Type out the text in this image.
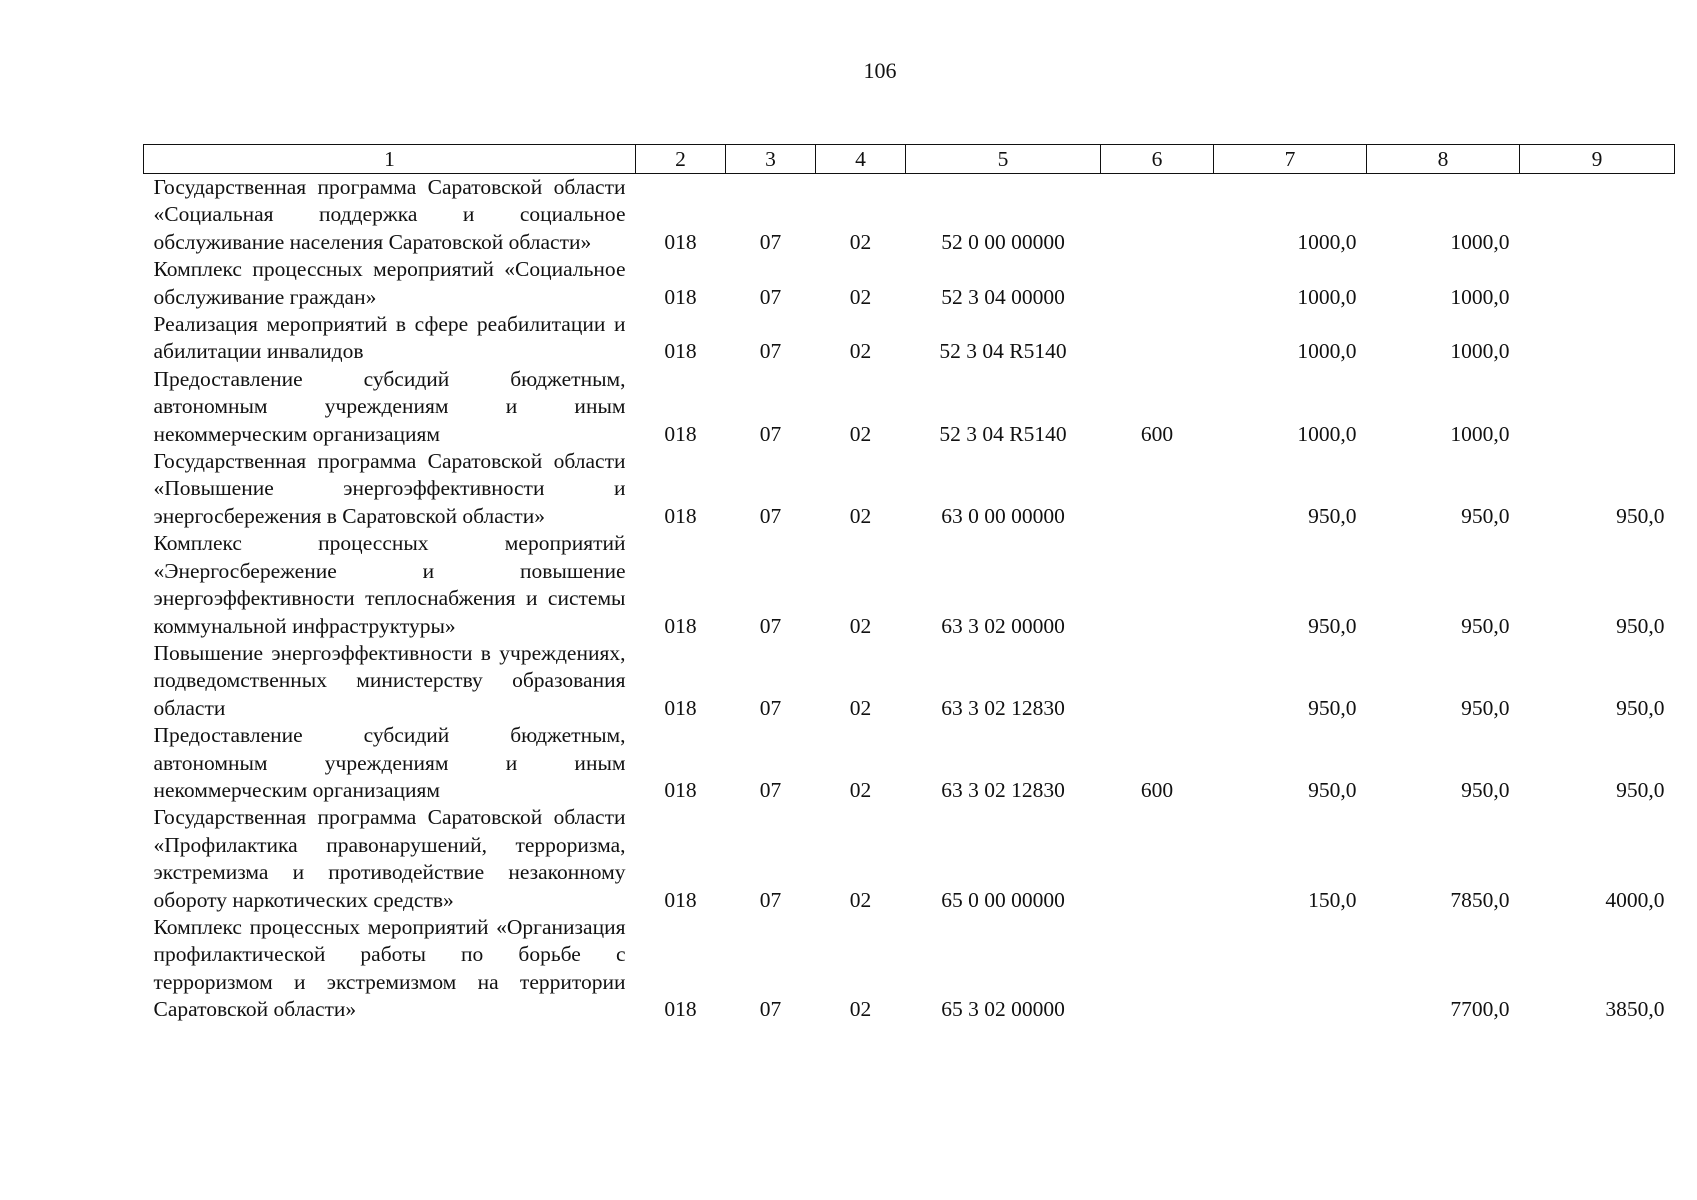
106
1	2	3	4	5	6	7	8	9
Государственная программа Саратовской области «Социальная поддержка и социальное обслуживание населения Саратовской области»	018	07	02	52 0 00 00000		1000,0	1000,0	
Комплекс процессных мероприятий «Социальное обслуживание граждан»	018	07	02	52 3 04 00000		1000,0	1000,0	
Реализация мероприятий в сфере реабилитации и абилитации инвалидов	018	07	02	52 3 04 R5140		1000,0	1000,0	
Предоставление субсидий бюджетным, автономным учреждениям и иным некоммерческим организациям	018	07	02	52 3 04 R5140	600	1000,0	1000,0	
Государственная программа Саратовской области «Повышение энергоэффективности и энергосбережения в Саратовской области»	018	07	02	63 0 00 00000		950,0	950,0	950,0
Комплекс процессных мероприятий «Энергосбережение и повышение энергоэффективности теплоснабжения и системы коммунальной инфраструктуры»	018	07	02	63 3 02 00000		950,0	950,0	950,0
Повышение энергоэффективности в учреждениях, подведомственных министерству образования области	018	07	02	63 3 02 12830		950,0	950,0	950,0
Предоставление субсидий бюджетным, автономным учреждениям и иным некоммерческим организациям	018	07	02	63 3 02 12830	600	950,0	950,0	950,0
Государственная программа Саратовской области «Профилактика правонарушений, терроризма, экстремизма и противодействие незаконному обороту наркотических средств»	018	07	02	65 0 00 00000		150,0	7850,0	4000,0
Комплекс процессных мероприятий «Организация профилактической работы по борьбе с терроризмом и экстремизмом на территории Саратовской области»	018	07	02	65 3 02 00000			7700,0	3850,0
